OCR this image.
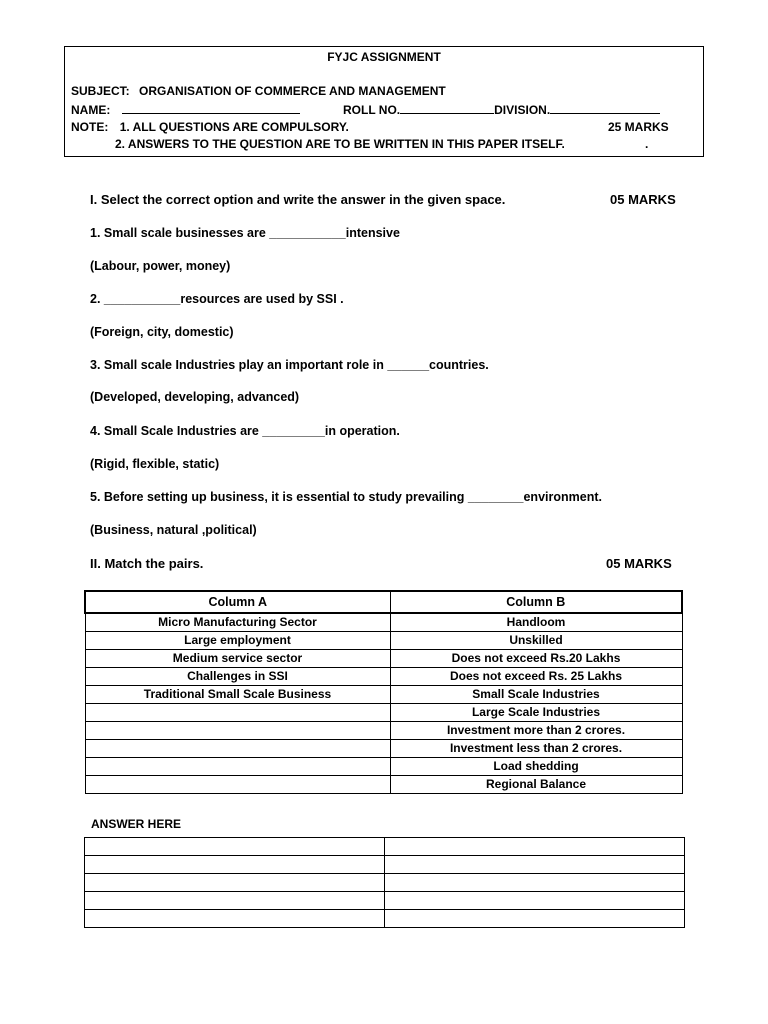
FYJC ASSIGNMENT
SUBJECT: ORGANISATION OF COMMERCE AND MANAGEMENT
NAME:	ROLL NO.	DIVISION.
NOTE: 1. ALL QUESTIONS ARE COMPULSORY.	25 MARKS
2. ANSWERS TO THE QUESTION ARE TO BE WRITTEN IN THIS PAPER ITSELF.	.
I. Select the correct option and write the answer in the given space.	05 MARKS
1. Small scale businesses are ___________intensive
(Labour, power, money)
2. ___________resources are used by SSI .
(Foreign, city, domestic)
3. Small scale Industries play an important role in ______countries.
(Developed, developing, advanced)
4. Small Scale Industries are _________in operation.
(Rigid, flexible, static)
5. Before setting up business, it is essential to study prevailing ________environment.
(Business, natural ,political)
II. Match the pairs.	05 MARKS
Column A	Column B
Micro Manufacturing Sector	Handloom
Large employment	Unskilled
Medium service sector	Does not exceed Rs.20 Lakhs
Challenges in SSI	Does not exceed Rs. 25 Lakhs
Traditional Small Scale Business	Small Scale Industries
	Large Scale Industries
	Investment more than 2 crores.
	Investment less than 2 crores.
	Load shedding
	Regional Balance
ANSWER HERE
